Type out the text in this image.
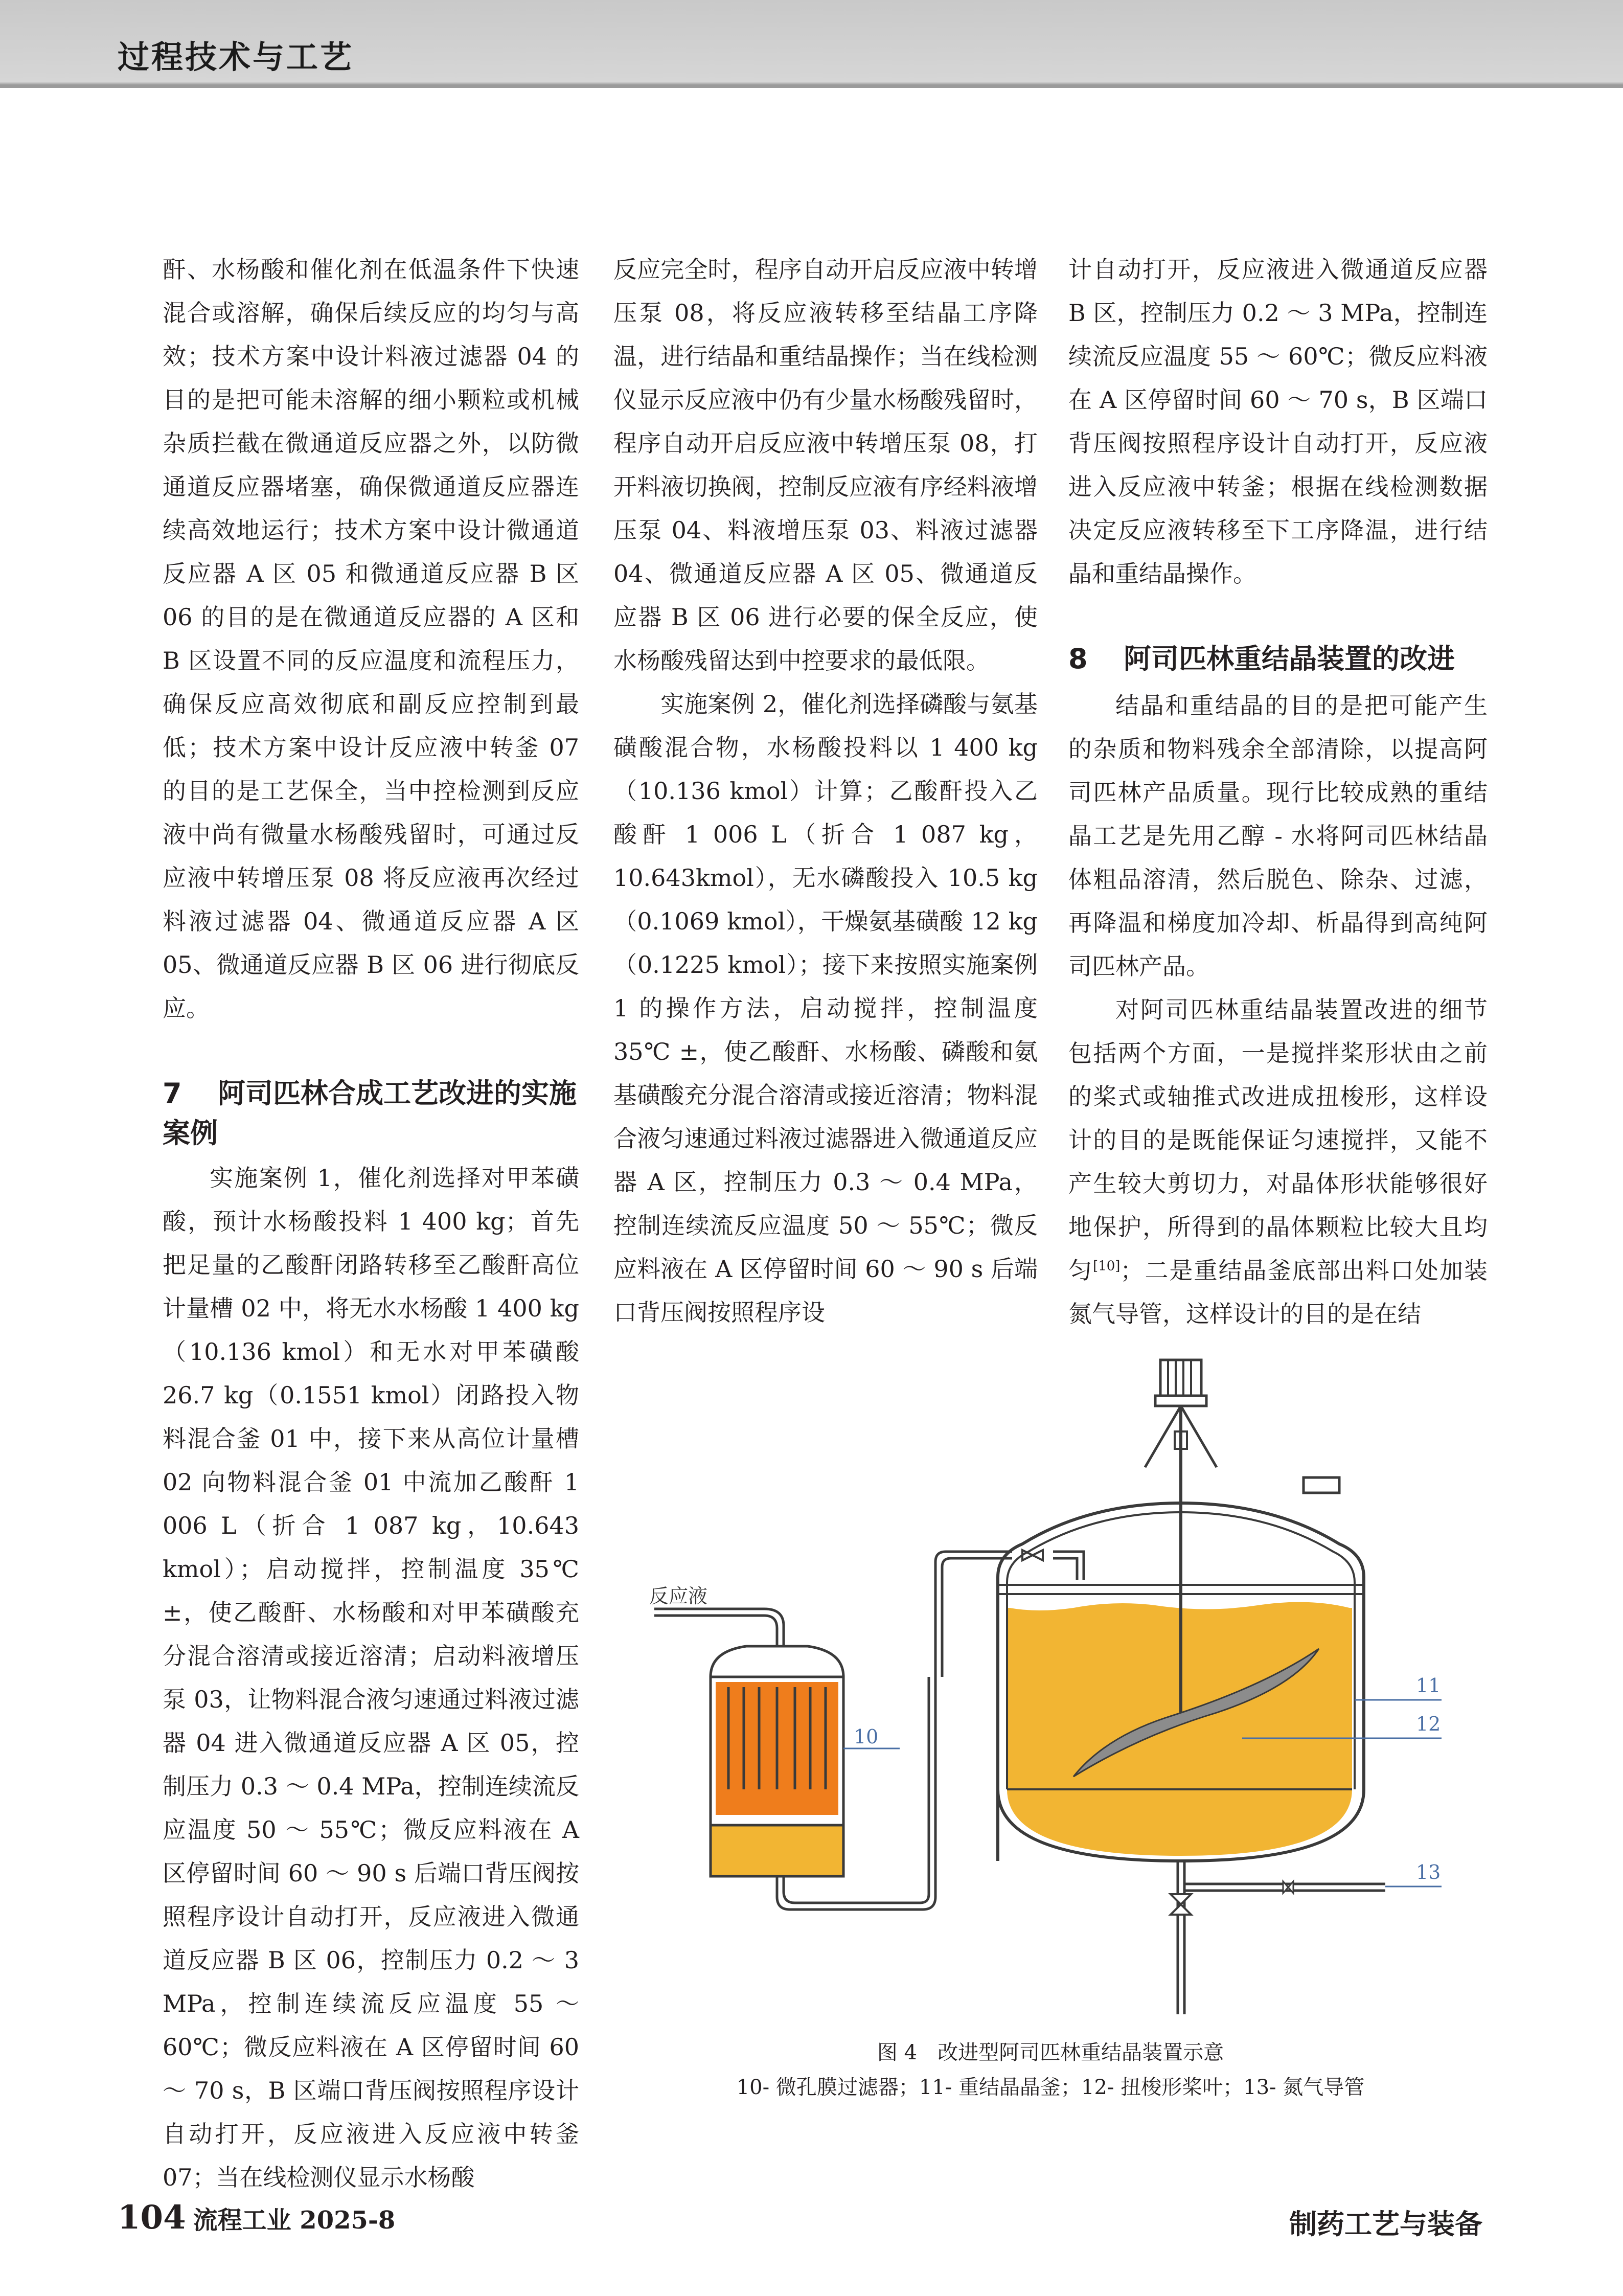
过程技术与工艺

酐、水杨酸和催化剂在低温条件下快速混合或溶解，确保后续反应的均匀与高效；技术方案中设计料液过滤器 04 的目的是把可能未溶解的细小颗粒或机械杂质拦截在微通道反应器之外，以防微通道反应器堵塞，确保微通道反应器连续高效地运行；技术方案中设计微通道反应器 A 区 05 和微通道反应器 B 区 06 的目的是在微通道反应器的 A 区和 B 区设置不同的反应温度和流程压力，确保反应高效彻底和副反应控制到最低；技术方案中设计反应液中转釜 07 的目的是工艺保全，当中控检测到反应液中尚有微量水杨酸残留时，可通过反应液中转增压泵 08 将反应液再次经过料液过滤器 04、微通道反应器 A 区 05、微通道反应器 B 区 06 进行彻底反应。

7 阿司匹林合成工艺改进的实施案例

实施案例 1，催化剂选择对甲苯磺酸，预计水杨酸投料 1 400 kg；首先把足量的乙酸酐闭路转移至乙酸酐高位计量槽 02 中，将无水水杨酸 1 400 kg（10.136 kmol）和无水对甲苯磺酸 26.7 kg（0.1551 kmol）闭路投入物料混合釜 01 中，接下来从高位计量槽 02 向物料混合釜 01 中流加乙酸酐 1 006 L（折合 1 087 kg，10.643 kmol）；启动搅拌，控制温度 35℃ ±，使乙酸酐、水杨酸和对甲苯磺酸充分混合溶清或接近溶清；启动料液增压泵 03，让物料混合液匀速通过料液过滤器 04 进入微通道反应器 A 区 05，控制压力 0.3 ～ 0.4 MPa，控制连续流反应温度 50 ～ 55℃；微反应料液在 A 区停留时间 60 ～ 90 s 后端口背压阀按照程序设计自动打开，反应液进入微通道反应器 B 区 06，控制压力 0.2 ～ 3 MPa，控制连续流反应温度 55 ～ 60℃；微反应料液在 A 区停留时间 60 ～ 70 s，B 区端口背压阀按照程序设计自动打开，反应液进入反应液中转釜 07；当在线检测仪显示水杨酸

反应完全时，程序自动开启反应液中转增压泵 08，将反应液转移至结晶工序降温，进行结晶和重结晶操作；当在线检测仪显示反应液中仍有少量水杨酸残留时，程序自动开启反应液中转增压泵 08，打开料液切换阀，控制反应液有序经料液增压泵 04、料液增压泵 03、料液过滤器 04、微通道反应器 A 区 05、微通道反应器 B 区 06 进行必要的保全反应，使水杨酸残留达到中控要求的最低限。

实施案例 2，催化剂选择磷酸与氨基磺酸混合物，水杨酸投料以 1 400 kg（10.136 kmol）计算；乙酸酐投入乙酸酐 1 006 L（折合 1 087 kg，10.643kmol），无水磷酸投入 10.5 kg（0.1069 kmol），干燥氨基磺酸 12 kg（0.1225 kmol）；接下来按照实施案例 1 的操作方法，启动搅拌，控制温度 35℃ ±，使乙酸酐、水杨酸、磷酸和氨基磺酸充分混合溶清或接近溶清；物料混合液匀速通过料液过滤器进入微通道反应器 A 区，控制压力 0.3 ～ 0.4 MPa，控制连续流反应温度 50 ～ 55℃；微反应料液在 A 区停留时间 60 ～ 90 s 后端口背压阀按照程序设

计自动打开，反应液进入微通道反应器 B 区，控制压力 0.2 ～ 3 MPa，控制连续流反应温度 55 ～ 60℃；微反应料液在 A 区停留时间 60 ～ 70 s，B 区端口背压阀按照程序设计自动打开，反应液进入反应液中转釜；根据在线检测数据决定反应液转移至下工序降温，进行结晶和重结晶操作。

8 阿司匹林重结晶装置的改进

结晶和重结晶的目的是把可能产生的杂质和物料残余全部清除，以提高阿司匹林产品质量。现行比较成熟的重结晶工艺是先用乙醇 - 水将阿司匹林结晶体粗品溶清，然后脱色、除杂、过滤，再降温和梯度加冷却、析晶得到高纯阿司匹林产品。

对阿司匹林重结晶装置改进的细节包括两个方面，一是搅拌桨形状由之前的桨式或轴推式改进成扭梭形，这样设计的目的是既能保证匀速搅拌，又能不产生较大剪切力，对晶体形状能够很好地保护，所得到的晶体颗粒比较大且均匀[10]；二是重结晶釜底部出料口处加装氮气导管，这样设计的目的是在结

反应液
10
11
12
13
图 4　改进型阿司匹林重结晶装置示意
10- 微孔膜过滤器；11- 重结晶晶釜；12- 扭梭形桨叶；13- 氮气导管
104 流程工业 2025-8	制药工艺与装备
